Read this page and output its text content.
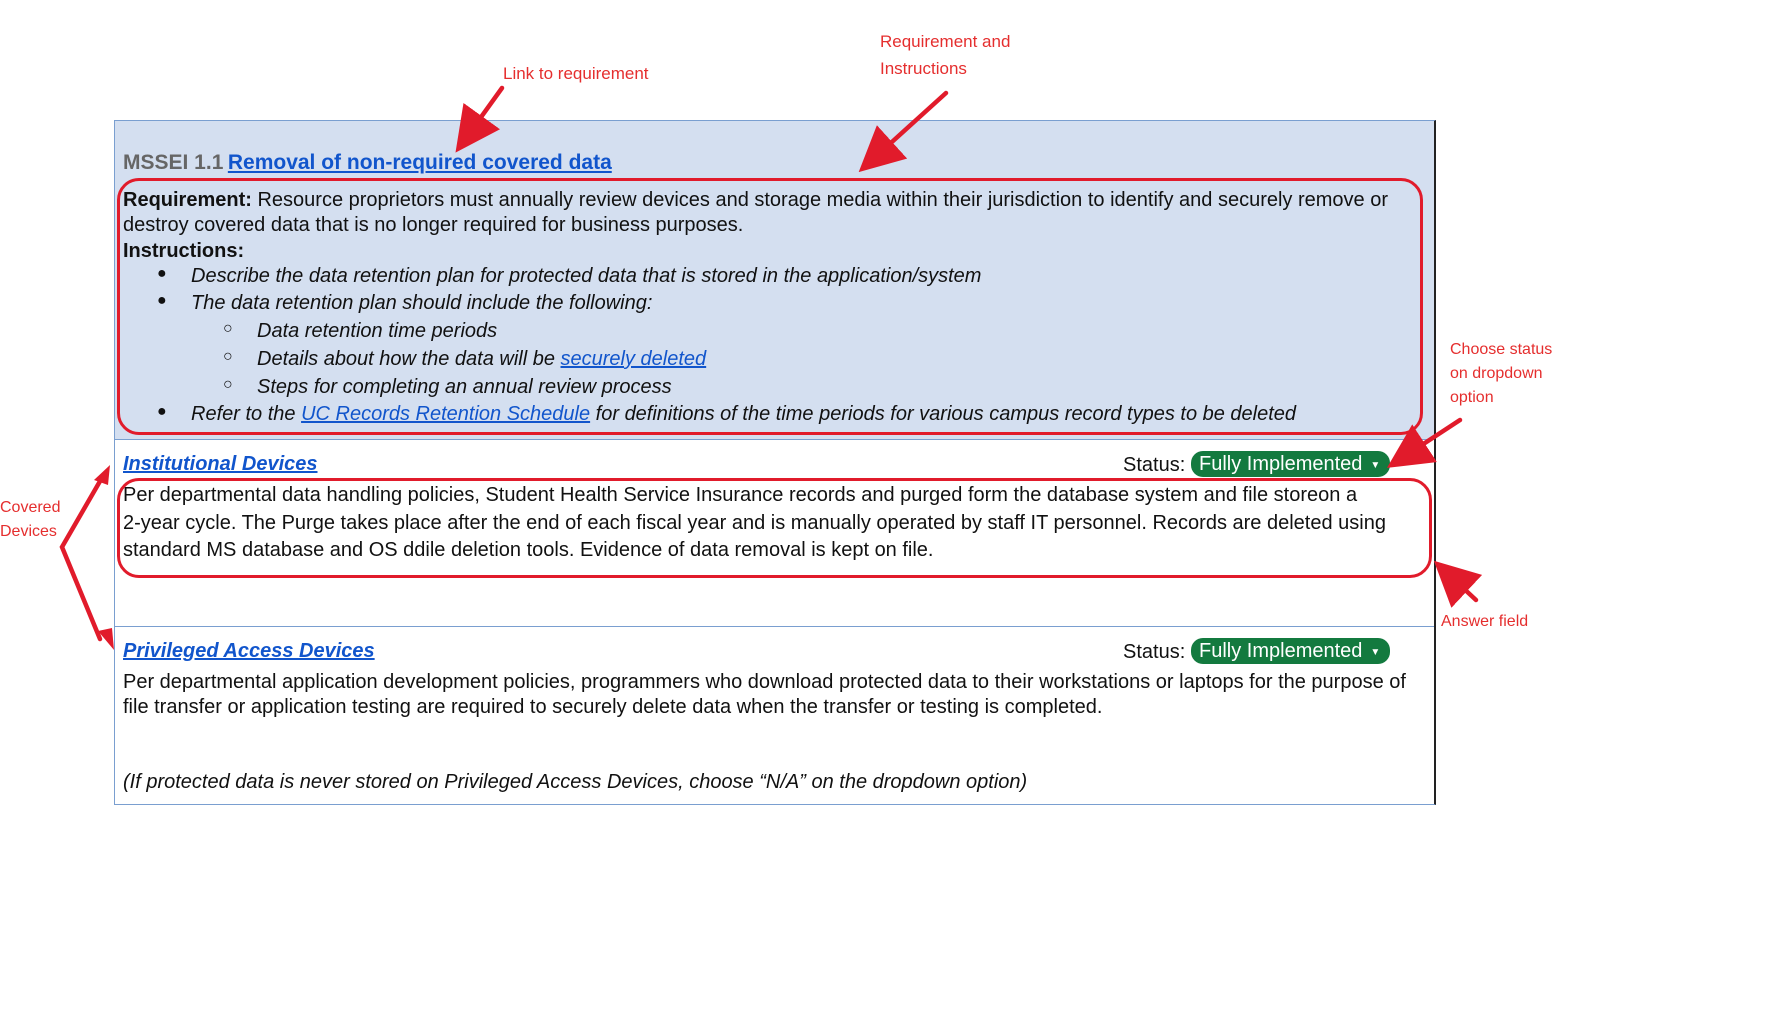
MSSEI 1.1 Removal of non-required covered data
Requirement: Resource proprietors must annually review devices and storage media within their jurisdiction to identify and securely remove or
destroy covered data that is no longer required for business purposes.
Instructions:
● Describe the data retention plan for protected data that is stored in the application/system
● The data retention plan should include the following:
○ Data retention time periods
○ Details about how the data will be securely deleted
○ Steps for completing an annual review process
● Refer to the UC Records Retention Schedule for definitions of the time periods for various campus record types to be deleted
Institutional Devices	Status: Fully Implemented ▼
Per departmental data handling policies, Student Health Service Insurance records and purged form the database system and file storeon a
2-year cycle. The Purge takes place after the end of each fiscal year and is manually operated by staff IT personnel. Records are deleted using
standard MS database and OS ddile deletion tools. Evidence of data removal is kept on file.
Privileged Access Devices	Status: Fully Implemented ▼
Per departmental application development policies, programmers who download protected data to their workstations or laptops for the purpose of
file transfer or application testing are required to securely delete data when the transfer or testing is completed.
(If protected data is never stored on Privileged Access Devices, choose “N/A” on the dropdown option)
Link to requirement
Requirement and
Instructions
Choose status
on dropdown
option
Covered
Devices
Answer field
